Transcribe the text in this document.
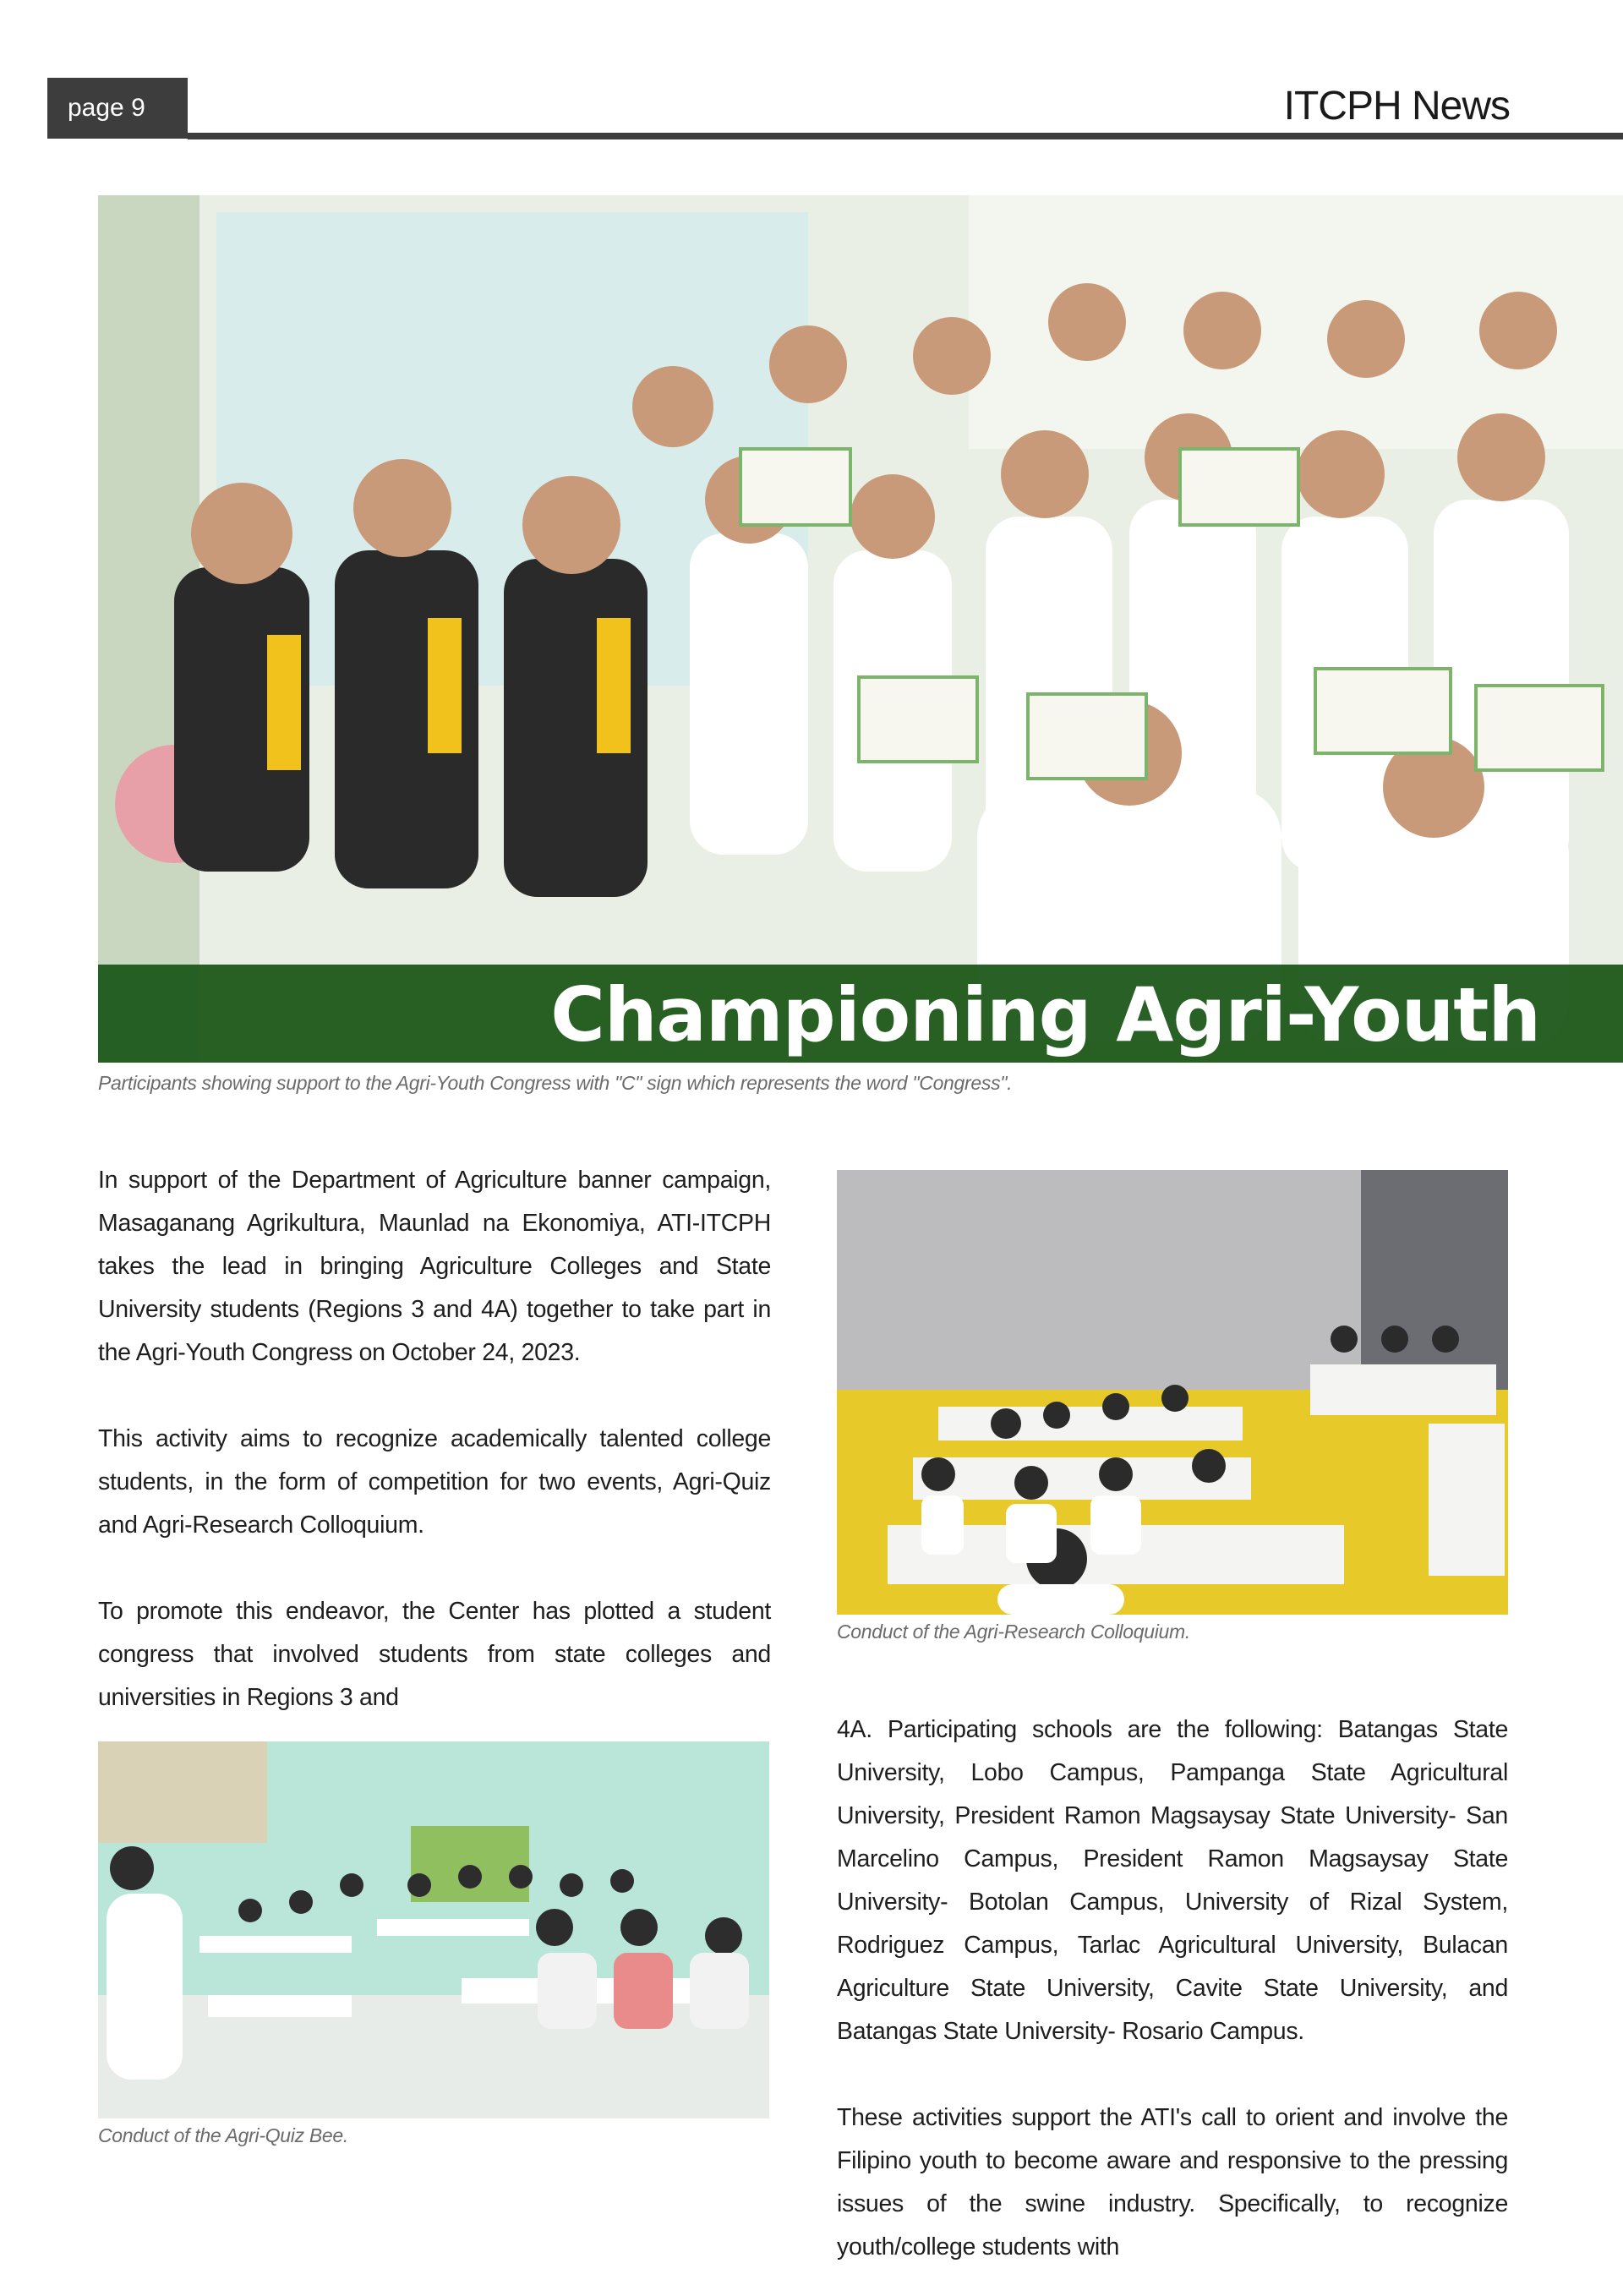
page 9	ITCPH News
Championing Agri-Youth
Participants showing support to the Agri-Youth Congress with "C" sign which represents the word "Congress".

In support of the Department of Agriculture banner campaign, Masaganang Agrikultura, Maunlad na Ekonomiya, ATI-ITCPH takes the lead in bringing Agriculture Colleges and State University students (Regions 3 and 4A) together to take part in the Agri-Youth Congress on October 24, 2023.

This activity aims to recognize academically talented college students, in the form of competition for two events, Agri-Quiz and Agri-Research Colloquium.

To promote this endeavor, the Center has plotted a student congress that involved students from state colleges and universities in Regions 3 and

Conduct of the Agri-Research Colloquium.

4A. Participating schools are the following: Batangas State University, Lobo Campus, Pampanga State Agricultural University, President Ramon Magsaysay State University- San Marcelino Campus, President Ramon Magsaysay State University- Botolan Campus, University of Rizal System, Rodriguez Campus, Tarlac Agricultural University, Bulacan Agriculture State University, Cavite State University, and Batangas State University- Rosario Campus.

These activities support the ATI's call to orient and involve the Filipino youth to become aware and responsive to the pressing issues of the swine industry. Specifically, to recognize youth/college students with

Conduct of the Agri-Quiz Bee.
